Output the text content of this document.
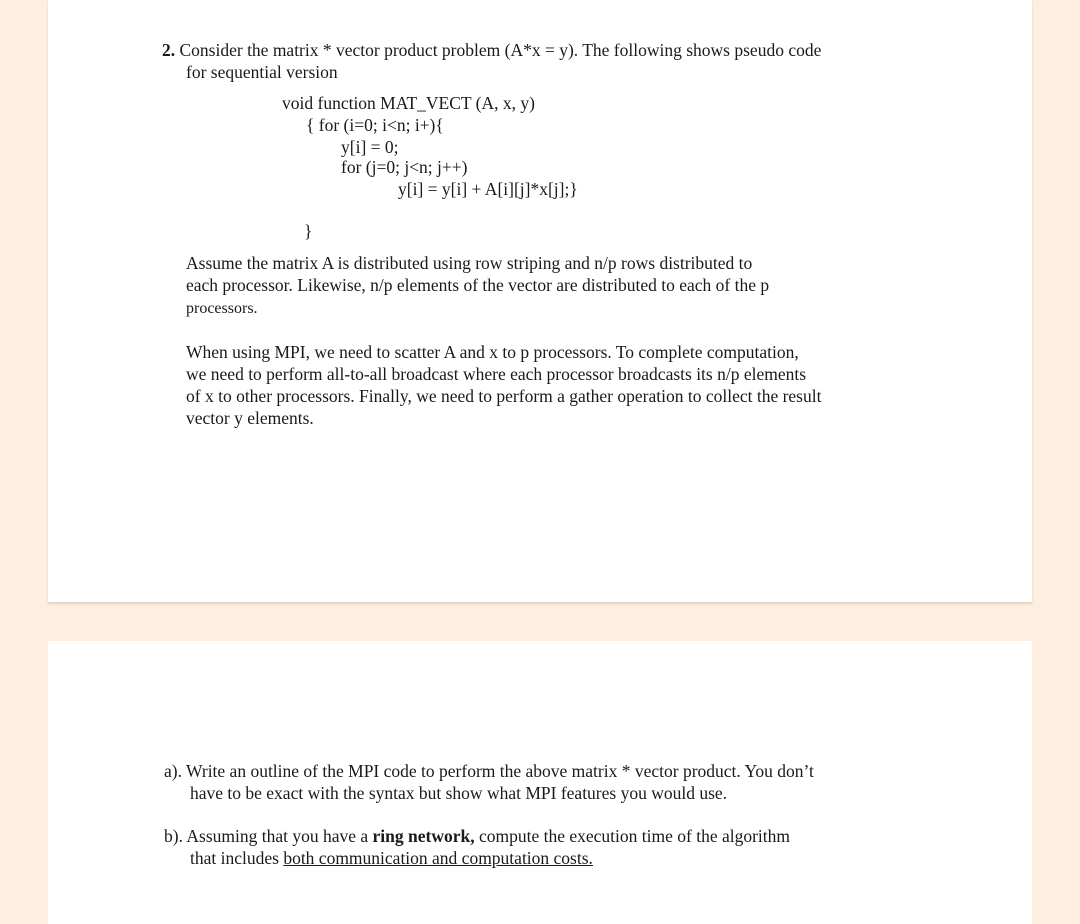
2. Consider the matrix * vector product problem (A*x = y). The following shows pseudo code
for sequential version
void function MAT_VECT (A, x, y)
{ for (i=0; i<n; i+){
y[i] = 0;
for (j=0; j<n; j++)
y[i] = y[i] + A[i][j]*x[j];}
}
Assume the matrix A is distributed using row striping and n/p rows distributed to
each processor. Likewise, n/p elements of the vector are distributed to each of the p
processors.
When using MPI, we need to scatter A and x to p processors. To complete computation,
we need to perform all-to-all broadcast where each processor broadcasts its n/p elements
of x to other processors. Finally, we need to perform a gather operation to collect the result
vector y elements.
a). Write an outline of the MPI code to perform the above matrix * vector product. You don’t
have to be exact with the syntax but show what MPI features you would use.
b). Assuming that you have a ring network, compute the execution time of the algorithm
that includes both communication and computation costs.
